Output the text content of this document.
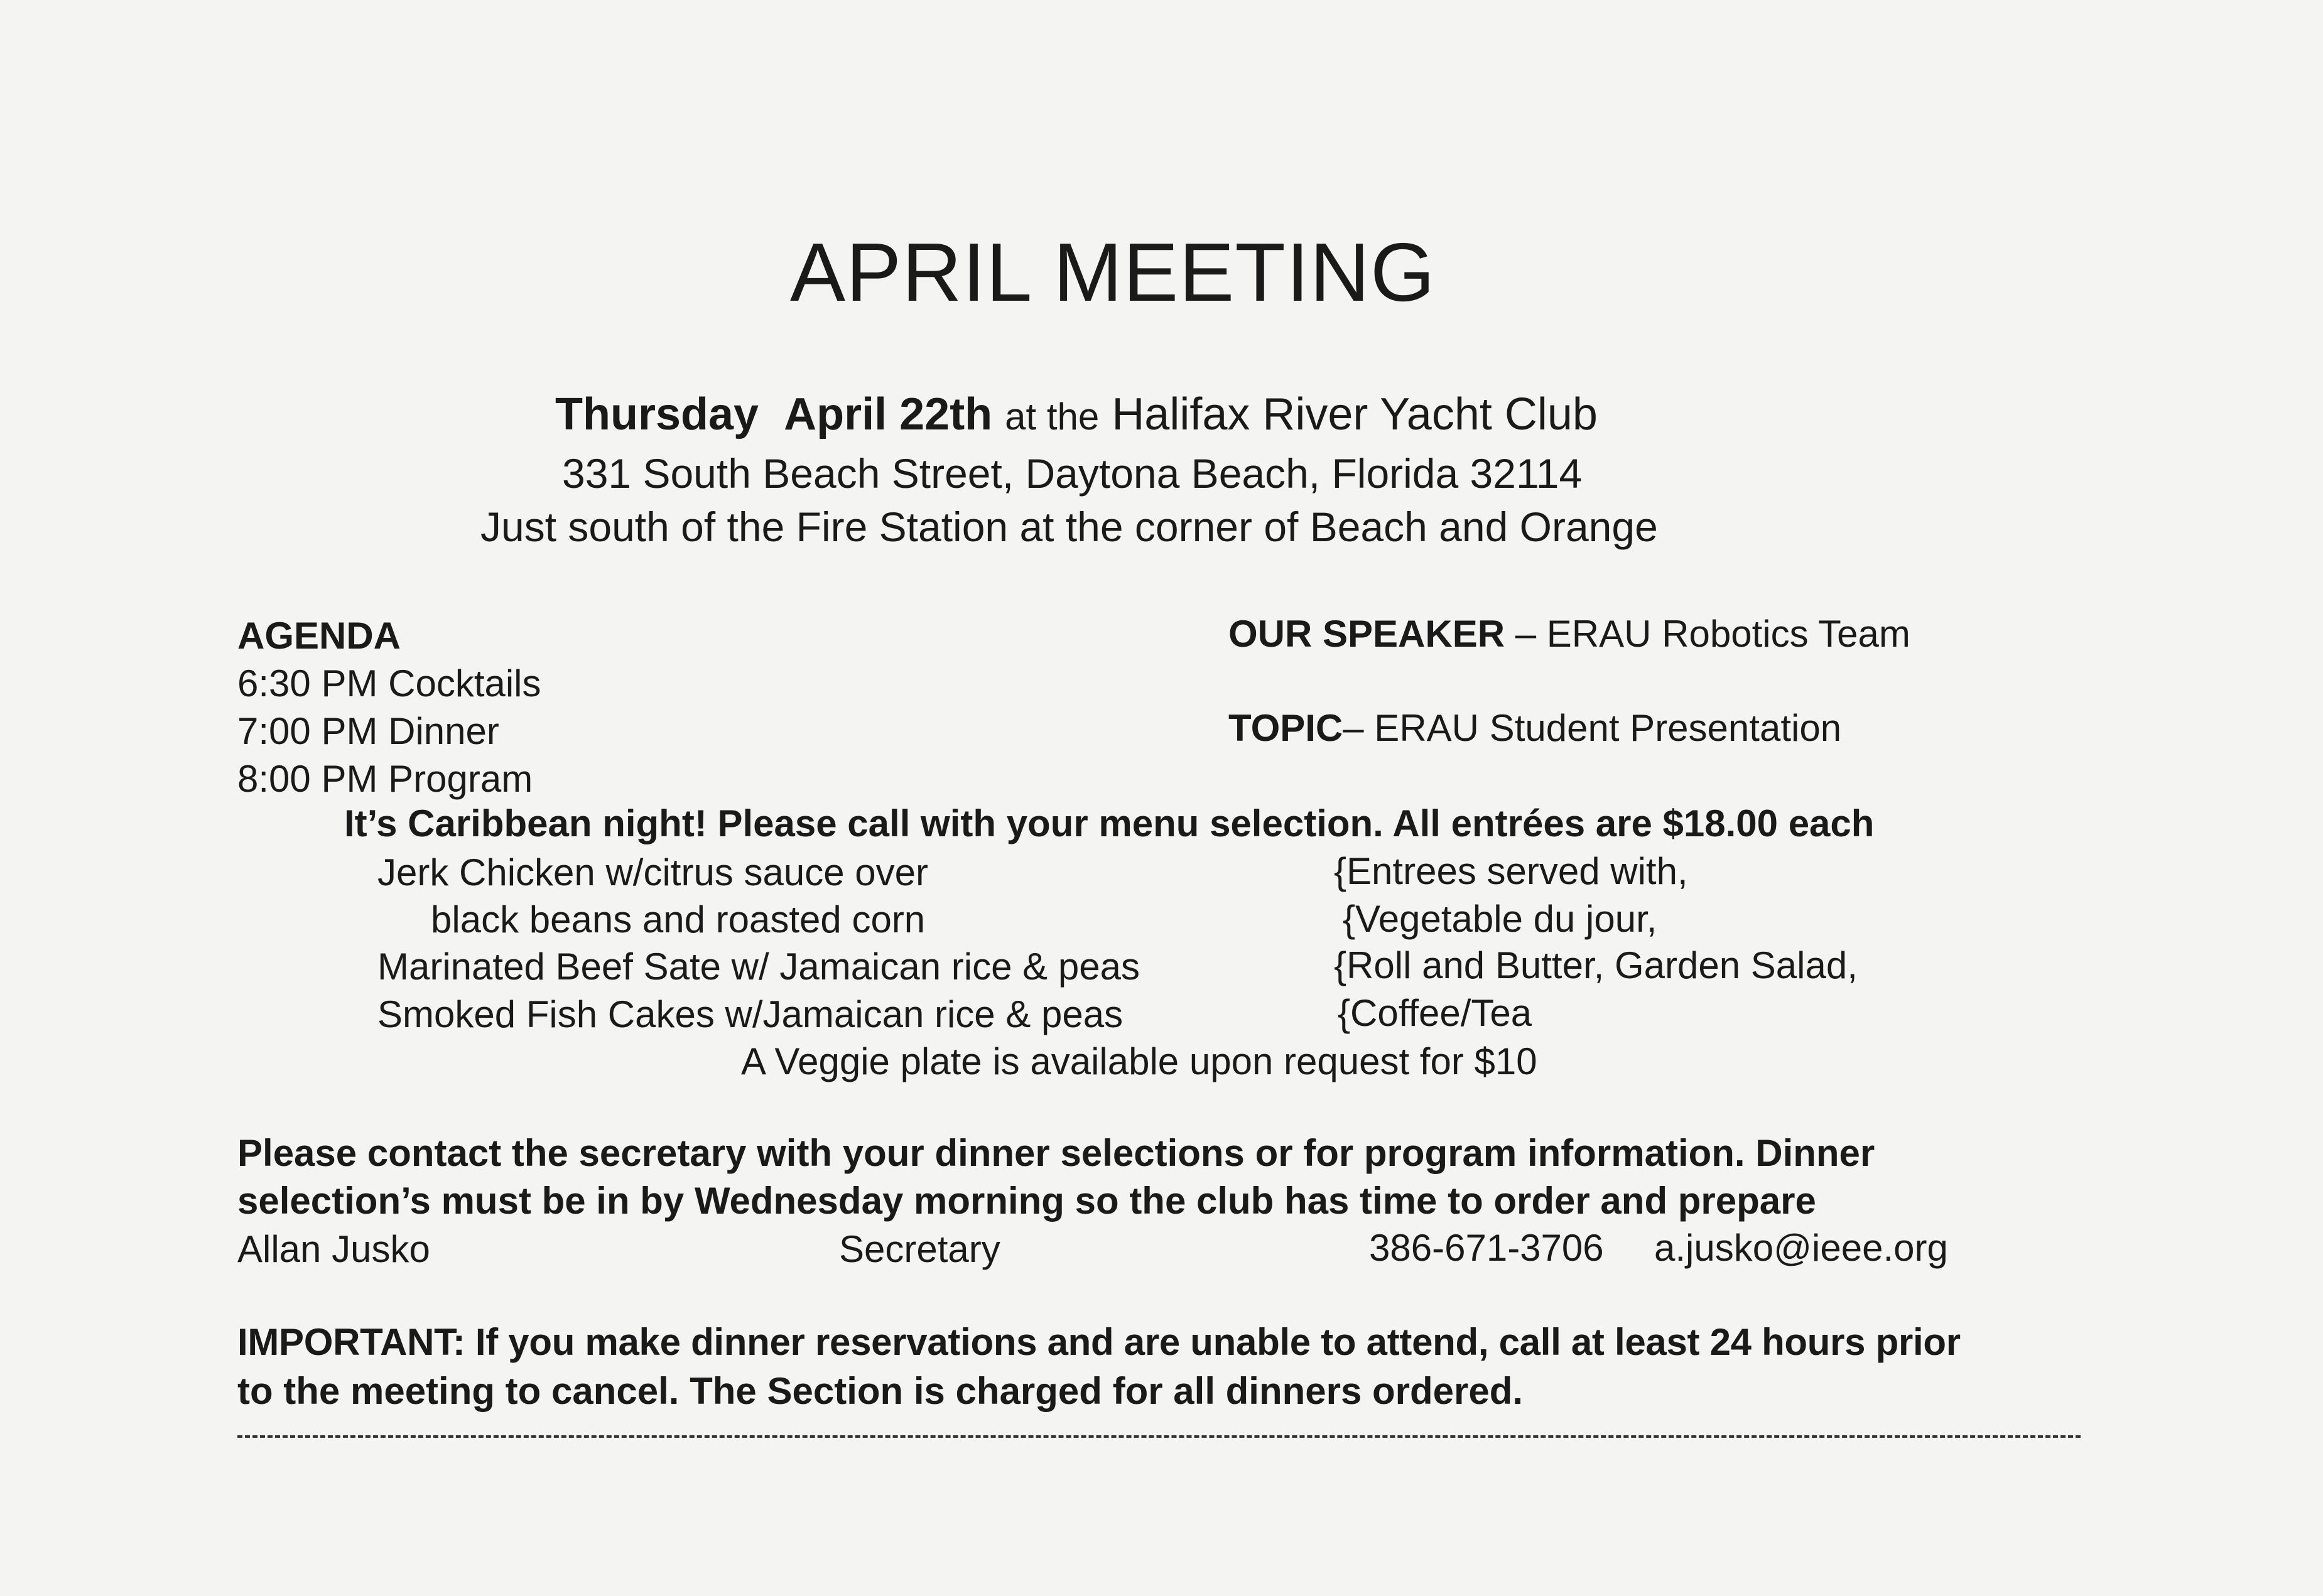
APRIL MEETING
Thursday April 22th at the Halifax River Yacht Club
331 South Beach Street, Daytona Beach, Florida 32114
Just south of the Fire Station at the corner of Beach and Orange
AGENDA
6:30 PM Cocktails
7:00 PM Dinner
8:00 PM Program
OUR SPEAKER – ERAU Robotics Team
TOPIC– ERAU Student Presentation
It’s Caribbean night! Please call with your menu selection. All entrées are $18.00 each
Jerk Chicken w/citrus sauce over
black beans and roasted corn
Marinated Beef Sate w/ Jamaican rice & peas
Smoked Fish Cakes w/Jamaican rice & peas
{Entrees served with,
{Vegetable du jour,
{Roll and Butter, Garden Salad,
{Coffee/Tea
A Veggie plate is available upon request for $10
Please contact the secretary with your dinner selections or for program information. Dinner
selection’s must be in by Wednesday morning so the club has time to order and prepare
Allan Jusko	Secretary	386-671-3706 a.jusko@ieee.org
IMPORTANT: If you make dinner reservations and are unable to attend, call at least 24 hours prior
to the meeting to cancel. The Section is charged for all dinners ordered.
